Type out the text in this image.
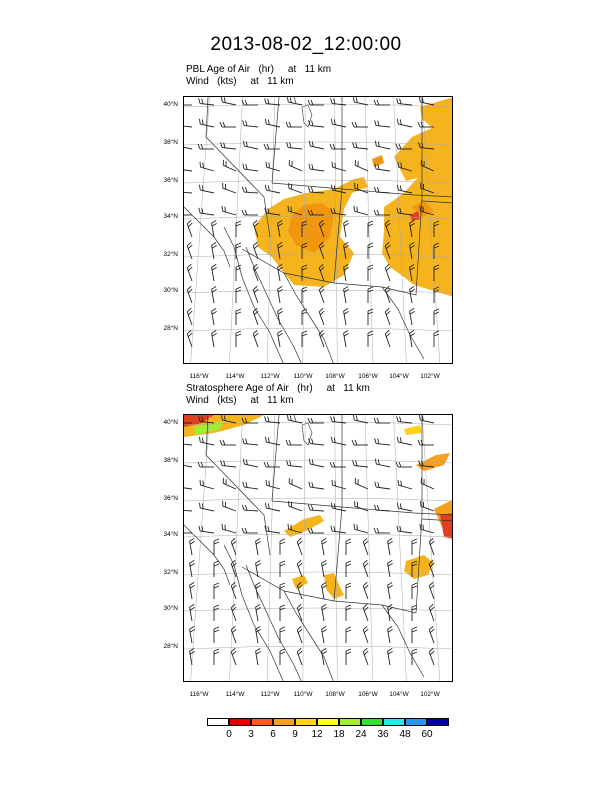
2013-08-02_12:00:00
PBL Age of Air   (hr)     at   11 km
Wind   (kts)     at   11 km
Stratosphere Age of Air   (hr)     at   11 km
Wind   (kts)     at   11 km
40°N
38°N
36°N
34°N
32°N
30°N
28°N
116°W	114°W	112°W	110°W	108°W	106°W	104°W	102°W
40°N
38°N
36°N
34°N
32°N
30°N
28°N
116°W	114°W	112°W	110°W	108°W	106°W	104°W	102°W
0	3	6	9	12	18	24	36	48	60
